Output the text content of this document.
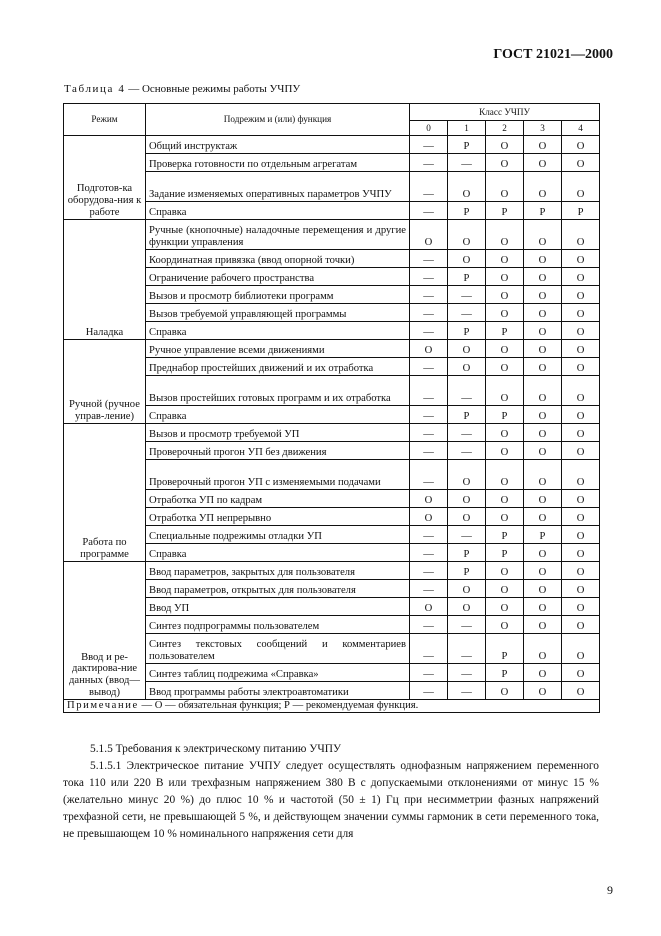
ГОСТ 21021—2000
Таблица 4 — Основные режимы работы УЧПУ
Режим	Подрежим и (или) функция	Класс УЧПУ				
		0	1	2	3	4
Подготов-ка оборудова-ния к работе	Общий инструктаж	—	Р	О	О	О
	Проверка готовности по отдельным агрегатам	—	—	О	О	О
	Задание изменяемых оперативных параметров УЧПУ	—	О	О	О	О
	Справка	—	Р	Р	Р	Р
Наладка	Ручные (кнопочные) наладочные перемещения и другие функции управления	О	О	О	О	О
	Координатная привязка (ввод опорной точки)	—	О	О	О	О
	Ограничение рабочего пространства	—	Р	О	О	О
	Вызов и просмотр библиотеки программ	—	—	О	О	О
	Вызов требуемой управляющей программы	—	—	О	О	О
	Справка	—	Р	Р	О	О
Ручной (ручное управ-ление)	Ручное управление всеми движениями	О	О	О	О	О
	Преднабор простейших движений и их отработка	—	О	О	О	О
	Вызов простейших готовых программ и их отработка	—	—	О	О	О
	Справка	—	Р	Р	О	О
Работа по программе	Вызов и просмотр требуемой УП	—	—	О	О	О
	Проверочный прогон УП без движения	—	—	О	О	О
	Проверочный прогон УП с изменяемыми подачами	—	О	О	О	О
	Отработка УП по кадрам	О	О	О	О	О
	Отработка УП непрерывно	О	О	О	О	О
	Специальные подрежимы отладки УП	—	—	Р	Р	О
	Справка	—	Р	Р	О	О
Ввод и ре-дактирова-ние данных (ввод—вывод)	Ввод параметров, закрытых для пользователя	—	Р	О	О	О
	Ввод параметров, открытых для пользователя	—	О	О	О	О
	Ввод УП	О	О	О	О	О
	Синтез подпрограммы пользователем	—	—	О	О	О
	Синтез текстовых сообщений и комментариев пользователем	—	—	Р	О	О
	Синтез таблиц подрежима «Справка»	—	—	Р	О	О
	Ввод программы работы электроавтоматики	—	—	О	О	О
Примечание — О — обязательная функция; Р — рекомендуемая функция.						

5.1.5 Требования к электрическому питанию УЧПУ

5.1.5.1 Электрическое питание УЧПУ следует осуществлять однофазным напряжением переменного тока 110 или 220 В или трехфазным напряжением 380 В с допускаемыми отклонениями от минус 15 % (желательно минус 20 %) до плюс 10 % и частотой (50 ± 1) Гц при несимметрии фазных напряжений трехфазной сети, не превышающей 5 %, и действующем значении суммы гармоник в сети переменного тока, не превышающем 10 % номинального напряжения сети для

9
